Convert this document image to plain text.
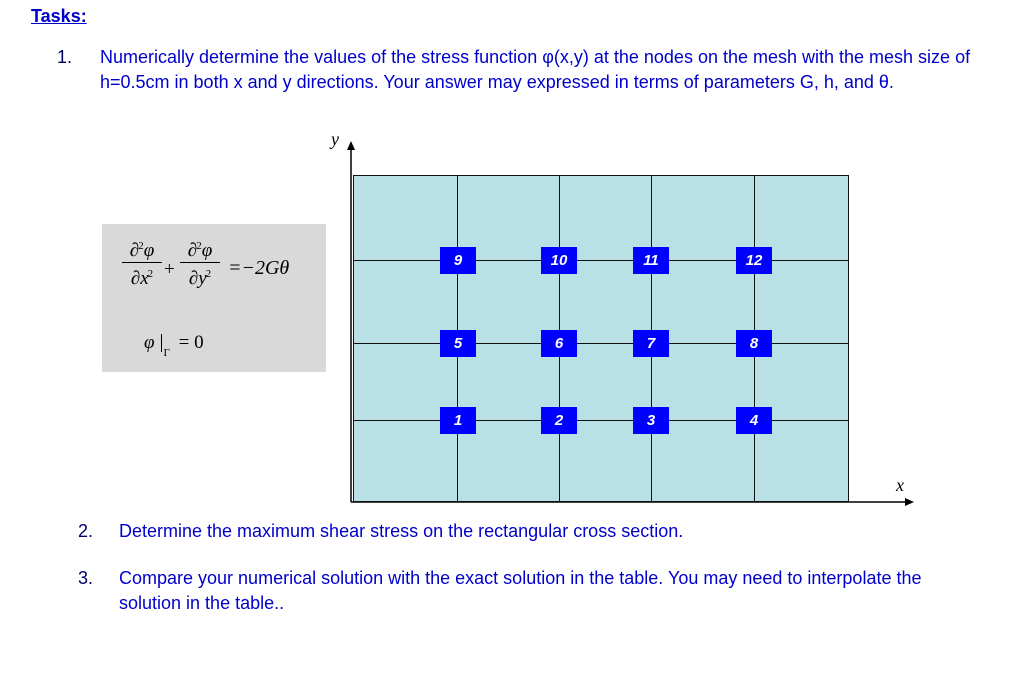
Tasks:
1. Numerically determine the values of the stress function φ(x,y) at the nodes on the mesh with the mesh size of h=0.5cm in both x and y directions. Your answer may expressed in terms of parameters G, h, and θ.
∂$^2$φ
$\partial x^2$ +
∂$^2$φ
$\partial y^2 =-2G\theta$
φ $_\Gamma$ = 0
y
x
9	10	11	12
5	6	7	8
1	2	3	4
2. Determine the maximum shear stress on the rectangular cross section.
3. Compare your numerical solution with the exact solution in the table. You may need to interpolate the solution in the table..
